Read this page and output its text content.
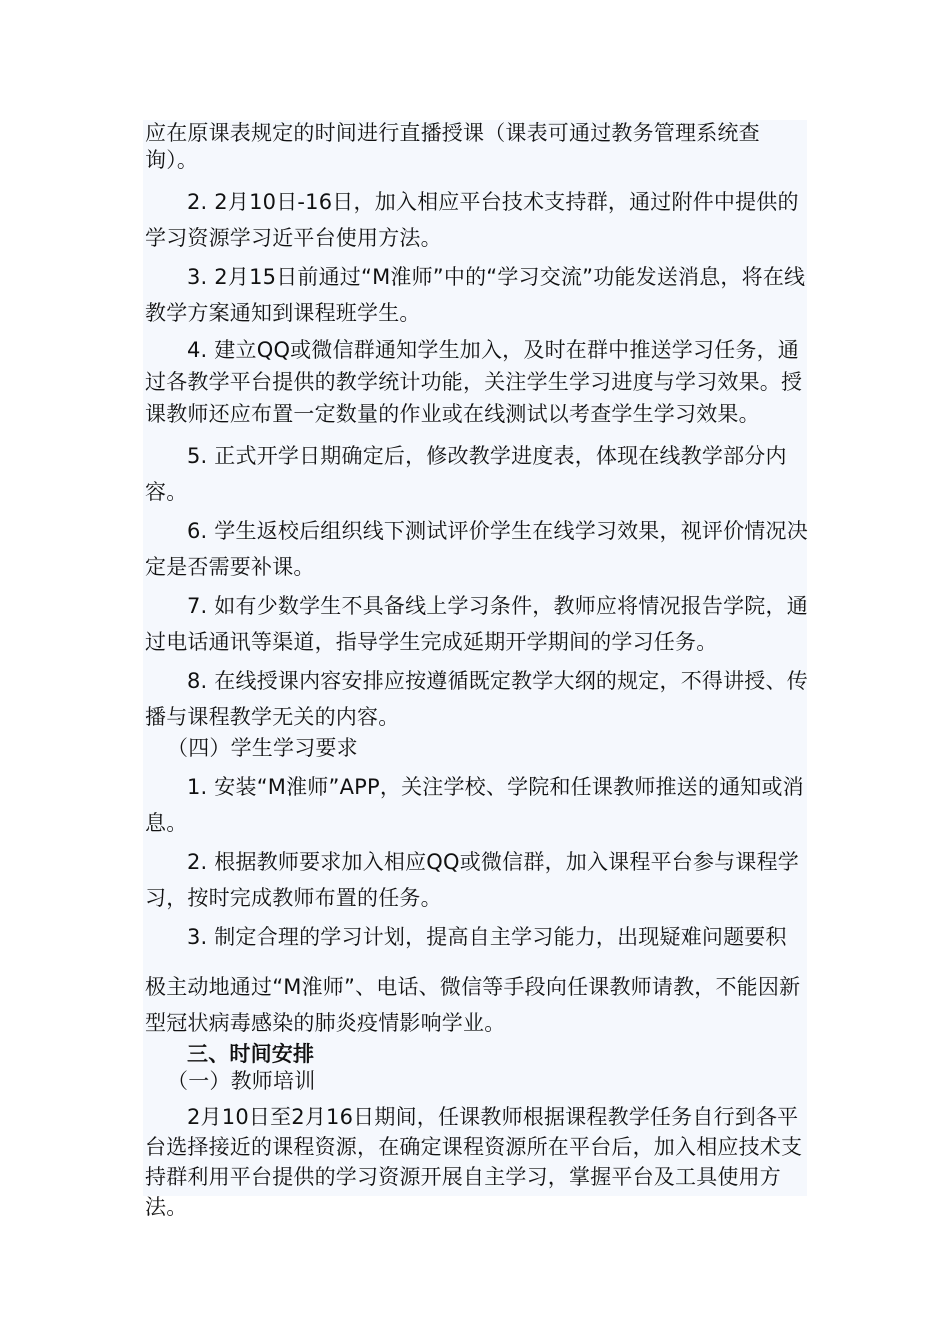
应在原课表规定的时间进行直播授课（课表可通过教务管理系统查询）。

2. 2月10日-16日，加入相应平台技术支持群，通过附件中提供的学习资源学习近平台使用方法。

3. 2月15日前通过“M淮师”中的“学习交流”功能发送消息，将在线教学方案通知到课程班学生。

4. 建立QQ或微信群通知学生加入，及时在群中推送学习任务，通过各教学平台提供的教学统计功能，关注学生学习进度与学习效果。授课教师还应布置一定数量的作业或在线测试以考查学生学习效果。

5. 正式开学日期确定后，修改教学进度表，体现在线教学部分内容。

6. 学生返校后组织线下测试评价学生在线学习效果，视评价情况决定是否需要补课。

7. 如有少数学生不具备线上学习条件，教师应将情况报告学院，通过电话通讯等渠道，指导学生完成延期开学期间的学习任务。

8. 在线授课内容安排应按遵循既定教学大纲的规定，不得讲授、传播与课程教学无关的内容。

（四）学生学习要求

1. 安装“M淮师”APP，关注学校、学院和任课教师推送的通知或消息。

2. 根据教师要求加入相应QQ或微信群，加入课程平台参与课程学习，按时完成教师布置的任务。

3. 制定合理的学习计划，提高自主学习能力，出现疑难问题要积

极主动地通过“M淮师”、电话、微信等手段向任课教师请教，不能因新型冠状病毒感染的肺炎疫情影响学业。

三、时间安排

（一）教师培训

2月10日至2月16日期间，任课教师根据课程教学任务自行到各平台选择接近的课程资源，在确定课程资源所在平台后，加入相应技术支持群利用平台提供的学习资源开展自主学习，掌握平台及工具使用方法。
